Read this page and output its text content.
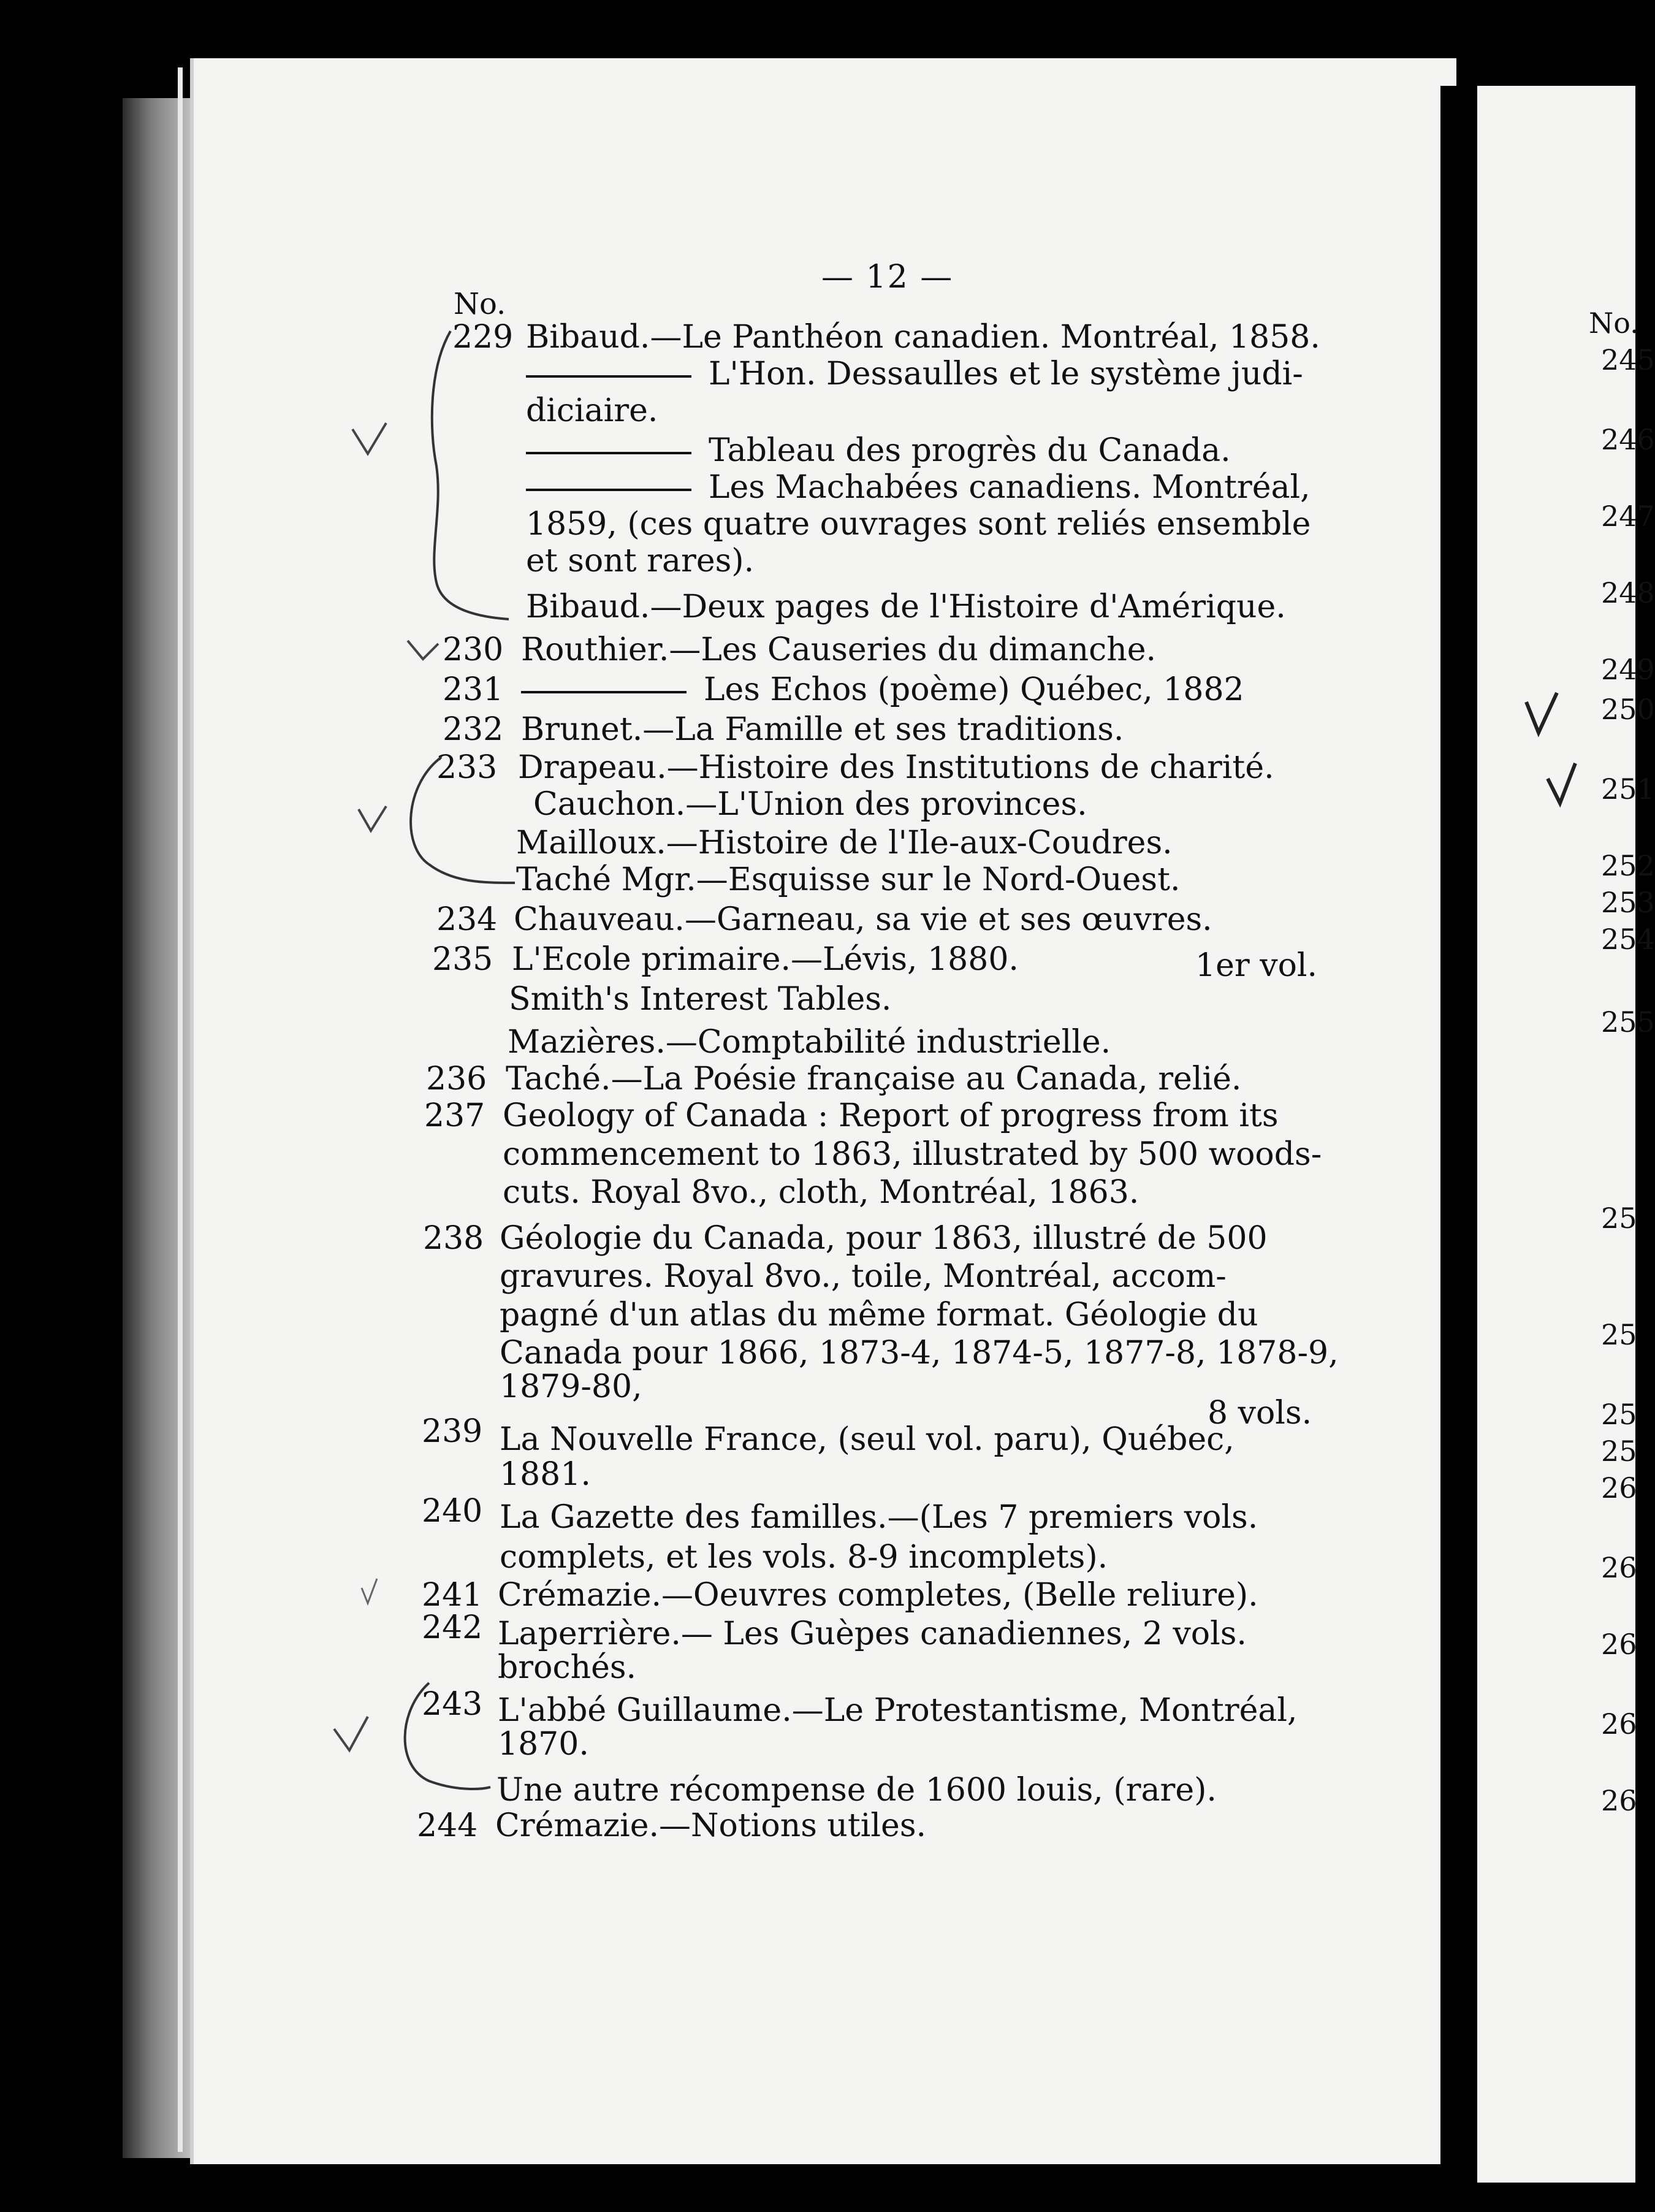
No.
245
246
247
248
249
250
251
252
253
254
255
25
25
25
25
26
26
26
26
26
— 12 —
No.
229 Bibaud.—Le Panthéon canadien. Montréal, 1858.
L'Hon. Dessaulles et le système judi-
diciaire.
Tableau des progrès du Canada.
Les Machabées canadiens. Montréal,
1859, (ces quatre ouvrages sont reliés ensemble
et sont rares).
Bibaud.—Deux pages de l'Histoire d'Amérique.
230 Routhier.—Les Causeries du dimanche.
231	Les Echos (poème) Québec, 1882
232 Brunet.—La Famille et ses traditions.
233 Drapeau.—Histoire des Institutions de charité.
Cauchon.—L'Union des provinces.
Mailloux.—Histoire de l'Ile-aux-Coudres.
Taché Mgr.—Esquisse sur le Nord-Ouest.
234 Chauveau.—Garneau, sa vie et ses œuvres.
235 L'Ecole primaire.—Lévis, 1880.	1er vol.
Smith's Interest Tables.
Mazières.—Comptabilité industrielle.
236 Taché.—La Poésie française au Canada, relié.
237 Geology of Canada : Report of progress from its
commencement to 1863, illustrated by 500 woods-
cuts. Royal 8vo., cloth, Montréal, 1863.
238 Géologie du Canada, pour 1863, illustré de 500
gravures. Royal 8vo., toile, Montréal, accom-
pagné d'un atlas du même format. Géologie du
Canada pour 1866, 1873-4, 1874-5, 1877-8, 1878-9,
1879-80,
8 vols.
239 La Nouvelle France, (seul vol. paru), Québec,
1881.
240 La Gazette des familles.—(Les 7 premiers vols.
complets, et les vols. 8-9 incomplets).
241 Crémazie.—Oeuvres completes, (Belle reliure).
242 Laperrière.— Les Guèpes canadiennes, 2 vols.
brochés.
243 L'abbé Guillaume.—Le Protestantisme, Montréal,
1870.
Une autre récompense de 1600 louis, (rare).
244 Crémazie.—Notions utiles.
